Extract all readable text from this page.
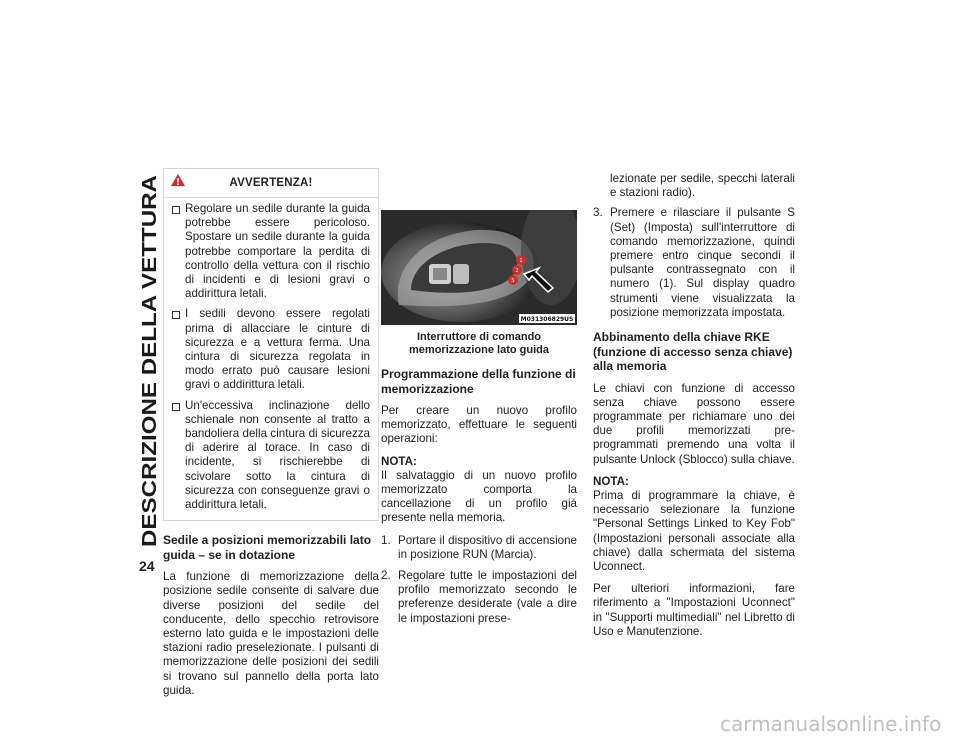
DESCRIZIONE DELLA VETTURA
24
AVVERTENZA!
Regolare un sedile durante la guida potrebbe essere pericoloso. Spostare un sedile durante la guida potrebbe comportare la perdita di controllo della vettura con il rischio di incidenti e di lesioni gravi o addirittura letali.
I sedili devono essere regolati prima di allacciare le cinture di sicurezza e a vettura ferma. Una cintura di sicurezza regolata in modo errato può causare lesioni gravi o addirittura letali.
Un'eccessiva inclinazione dello schienale non consente al tratto a bandoliera della cintura di sicurezza di aderire al torace. In caso di incidente, si rischierebbe di scivolare sotto la cintura di sicurezza con conseguenze gravi o addirittura letali.
Sedile a posizioni memorizzabili lato guida – se in dotazione

La funzione di memorizzazione della posizione sedile consente di salvare due diverse posizioni del sedile del conducente, dello specchio retrovisore esterno lato guida e le impostazioni delle stazioni radio preselezionate. I pulsanti di memorizzazione delle posizioni dei sedili si trovano sul pannello della porta lato guida.

1
2
S
M031306829US
Interruttore di comando memorizzazione lato guida
Programmazione della funzione di memorizzazione

Per creare un nuovo profilo memorizzato, effettuare le seguenti operazioni:

NOTA:

Il salvataggio di un nuovo profilo memorizzato comporta la cancellazione di un profilo già presente nella memoria.

1. Portare il dispositivo di accensione in posizione RUN (Marcia).
2. Regolare tutte le impostazioni del profilo memorizzato secondo le preferenze desiderate (vale a dire le impostazioni prese-
lezionate per sedile, specchi laterali e stazioni radio).
3. Premere e rilasciare il pulsante S (Set) (Imposta) sull'interruttore di comando memorizzazione, quindi premere entro cinque secondi il pulsante contrassegnato con il numero (1). Sul display quadro strumenti viene visualizzata la posizione memorizzata impostata.
Abbinamento della chiave RKE (funzione di accesso senza chiave) alla memoria

Le chiavi con funzione di accesso senza chiave possono essere programmate per richiamare uno dei due profili memorizzati pre-programmati premendo una volta il pulsante Unlock (Sblocco) sulla chiave.

NOTA:

Prima di programmare la chiave, è necessario selezionare la funzione "Personal Settings Linked to Key Fob" (Impostazioni personali associate alla chiave) dalla schermata del sistema Uconnect.

Per ulteriori informazioni, fare riferimento a "Impostazioni Uconnect" in "Supporti multimediali" nel Libretto di Uso e Manutenzione.

carmanualsonline.info
